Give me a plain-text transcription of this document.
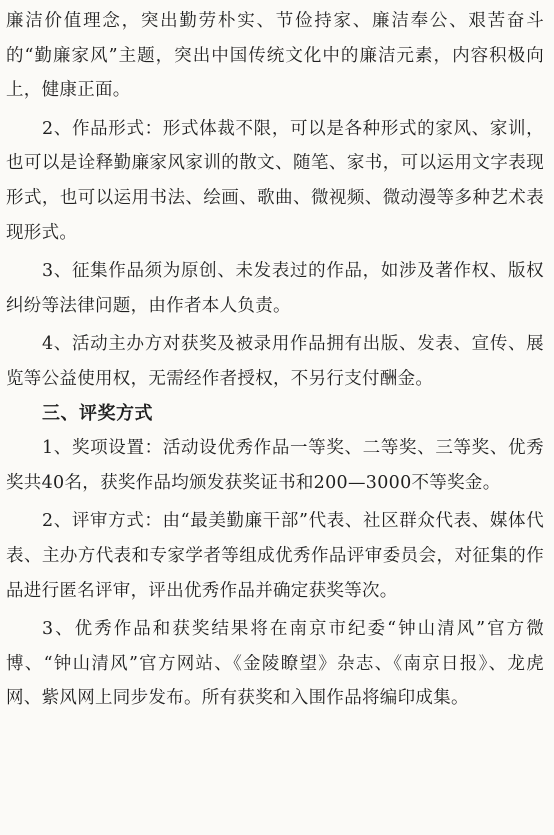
廉洁价值理念，突出勤劳朴实、节俭持家、廉洁奉公、艰苦奋斗的“勤廉家风”主题，突出中国传统文化中的廉洁元素，内容积极向上，健康正面。

2、作品形式：形式体裁不限，可以是各种形式的家风、家训，也可以是诠释勤廉家风家训的散文、随笔、家书，可以运用文字表现形式，也可以运用书法、绘画、歌曲、微视频、微动漫等多种艺术表现形式。

3、征集作品须为原创、未发表过的作品，如涉及著作权、版权纠纷等法律问题，由作者本人负责。

4、活动主办方对获奖及被录用作品拥有出版、发表、宣传、展览等公益使用权，无需经作者授权，不另行支付酬金。

三、评奖方式

1、奖项设置：活动设优秀作品一等奖、二等奖、三等奖、优秀奖共40名，获奖作品均颁发获奖证书和200—3000不等奖金。

2、评审方式：由“最美勤廉干部”代表、社区群众代表、媒体代表、主办方代表和专家学者等组成优秀作品评审委员会，对征集的作品进行匿名评审，评出优秀作品并确定获奖等次。

3、优秀作品和获奖结果将在南京市纪委“钟山清风”官方微博、“钟山清风”官方网站、《金陵瞭望》杂志、《南京日报》、龙虎网、紫风网上同步发布。所有获奖和入围作品将编印成集。
